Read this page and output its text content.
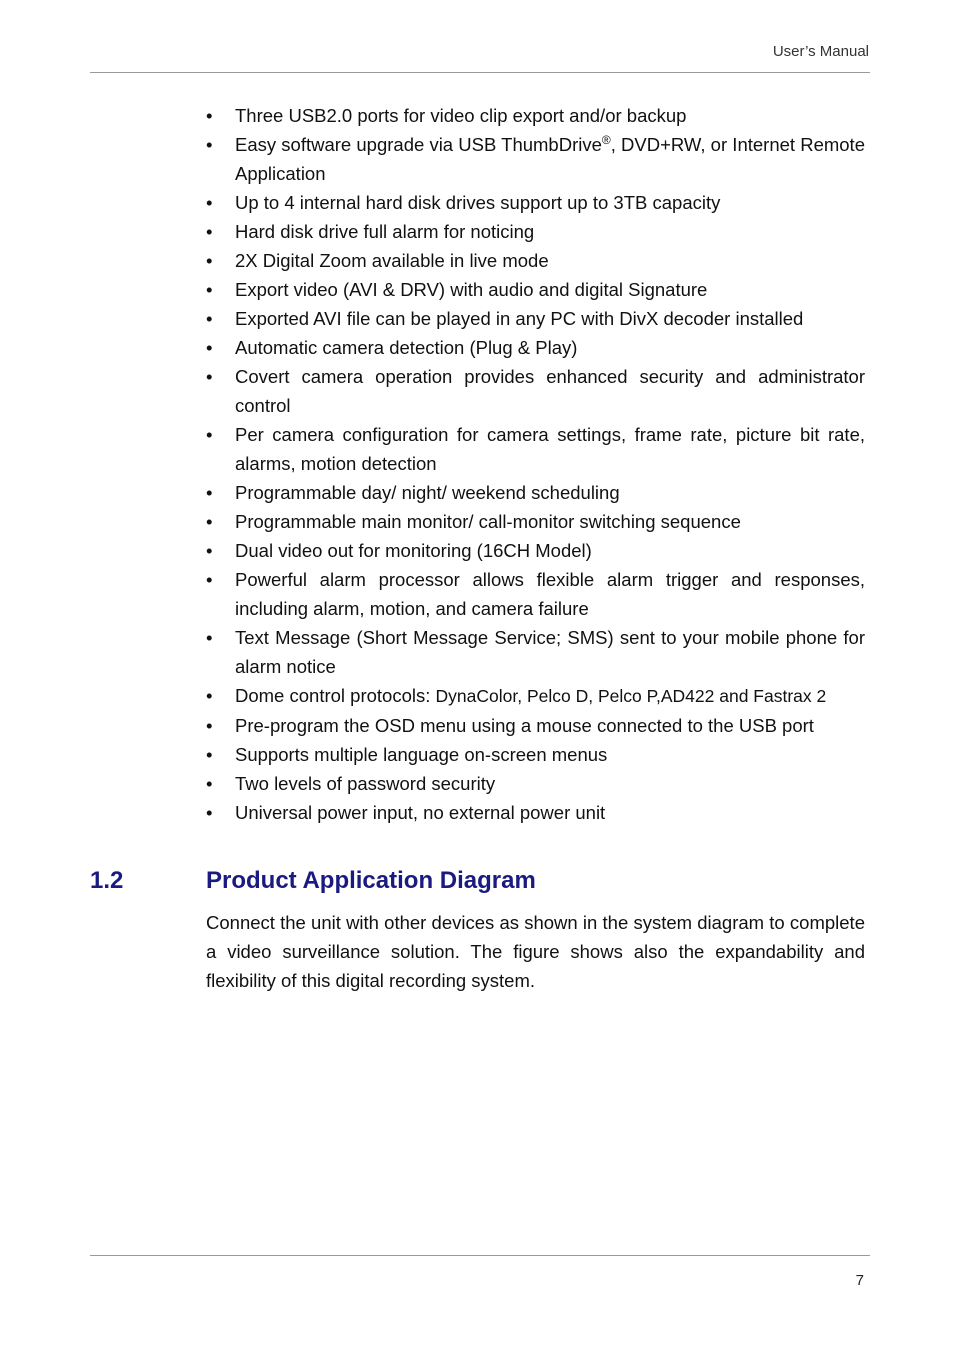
User’s Manual
• Three USB2.0 ports for video clip export and/or backup
• Easy software upgrade via USB ThumbDrive®, DVD+RW, or Internet Remote Application
• Up to 4 internal hard disk drives support up to 3TB capacity
• Hard disk drive full alarm for noticing
• 2X Digital Zoom available in live mode
• Export video (AVI & DRV) with audio and digital Signature
• Exported AVI file can be played in any PC with DivX decoder installed
• Automatic camera detection (Plug & Play)
• Covert camera operation provides enhanced security and administrator control
• Per camera configuration for camera settings, frame rate, picture bit rate, alarms, motion detection
• Programmable day/ night/ weekend scheduling
• Programmable main monitor/ call-monitor switching sequence
• Dual video out for monitoring (16CH Model)
• Powerful alarm processor allows flexible alarm trigger and responses, including alarm, motion, and camera failure
• Text Message (Short Message Service; SMS) sent to your mobile phone for alarm notice
• Dome control protocols: DynaColor, Pelco D, Pelco P,AD422 and Fastrax 2
• Pre-program the OSD menu using a mouse connected to the USB port
• Supports multiple language on-screen menus
• Two levels of password security
• Universal power input, no external power unit
1.2	Product Application Diagram

Connect the unit with other devices as shown in the system diagram to complete a video surveillance solution. The figure shows also the expandability and flexibility of this digital recording system.

7
